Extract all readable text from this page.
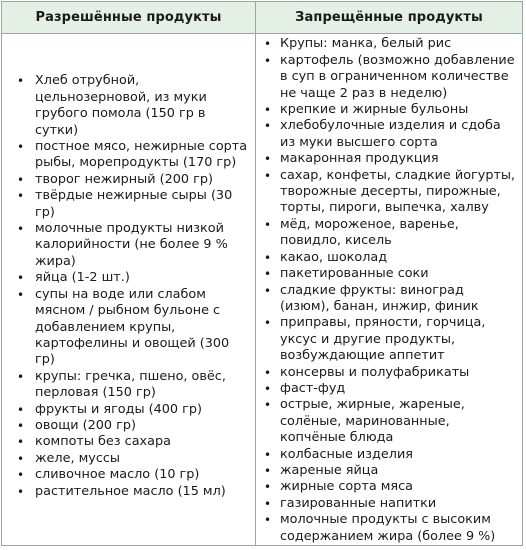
Разрешённые продукты	Запрещённые продукты
• Хлеб отрубной, цельнозерновой, из муки грубого помола (150 гр в сутки)
• постное мясо, нежирные сорта рыбы, морепродукты (170 гр)
• творог нежирный (200 гр)
• твёрдые нежирные сыры (30 гр)
• молочные продукты низкой калорийности (не более 9 % жира)
• яйца (1-2 шт.)
• супы на воде или слабом мясном / рыбном бульоне с добавлением крупы, картофелины и овощей (300 гр)
• крупы: гречка, пшено, овёс, перловая (150 гр)
• фрукты и ягоды (400 гр)
• овощи (200 гр)
• компоты без сахара
• желе, муссы
• сливочное масло (10 гр)
• растительное масло (15 мл)
• Крупы: манка, белый рис
• картофель (возможно добавление в суп в ограниченном количестве не чаще 2 раз в неделю)
• крепкие и жирные бульоны
• хлебобулочные изделия и сдоба из муки высшего сорта
• макаронная продукция
• сахар, конфеты, сладкие йогурты, творожные десерты, пирожные, торты, пироги, выпечка, халву
• мёд, мороженое, варенье, повидло, кисель
• какао, шоколад
• пакетированные соки
• сладкие фрукты: виноград (изюм), банан, инжир, финик
• приправы, пряности, горчица, уксус и другие продукты, возбуждающие аппетит
• консервы и полуфабрикаты
• фаст-фуд
• острые, жирные, жареные, солёные, маринованные, копчёные блюда
• колбасные изделия
• жареные яйца
• жирные сорта мяса
• газированные напитки
• молочные продукты с высоким содержанием жира (более 9 %)
